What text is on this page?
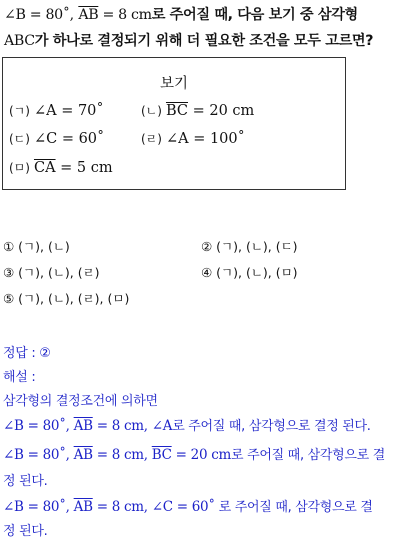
∠B = 80˚, $\overline{AB} = 8$ cm로 주어질 때, 다음 보기 중 삼각형
ABC가 하나로 결정되기 위해 더 필요한 조건을 모두 고르면?
보기
(ㄱ) ∠A = 70˚	(ㄴ) $\overline{BC} = 20$ cm
(ㄷ) ∠C = 60˚	(ㄹ) ∠A = 100˚
(ㅁ) $\overline{CA} = 5$ cm
① (ㄱ), (ㄴ)	② (ㄱ), (ㄴ), (ㄷ)
③ (ㄱ), (ㄴ), (ㄹ)	④ (ㄱ), (ㄴ), (ㅁ)
⑤ (ㄱ), (ㄴ), (ㄹ), (ㅁ)
정답 : ②
해설 :
삼각형의 결정조건에 의하면
∠B = 80˚, $\overline{AB} = 8$ cm, ∠A로 주어질 때, 삼각형으로 결정 된다.
∠B = 80˚, $\overline{AB} = 8$ cm, $\overline{BC} = 20$ cm로 주어질 때, 삼각형으로 결
정 된다.
∠B = 80˚, $\overline{AB} = 8$ cm, ∠C = 60˚ 로 주어질 때, 삼각형으로 결
정 된다.
